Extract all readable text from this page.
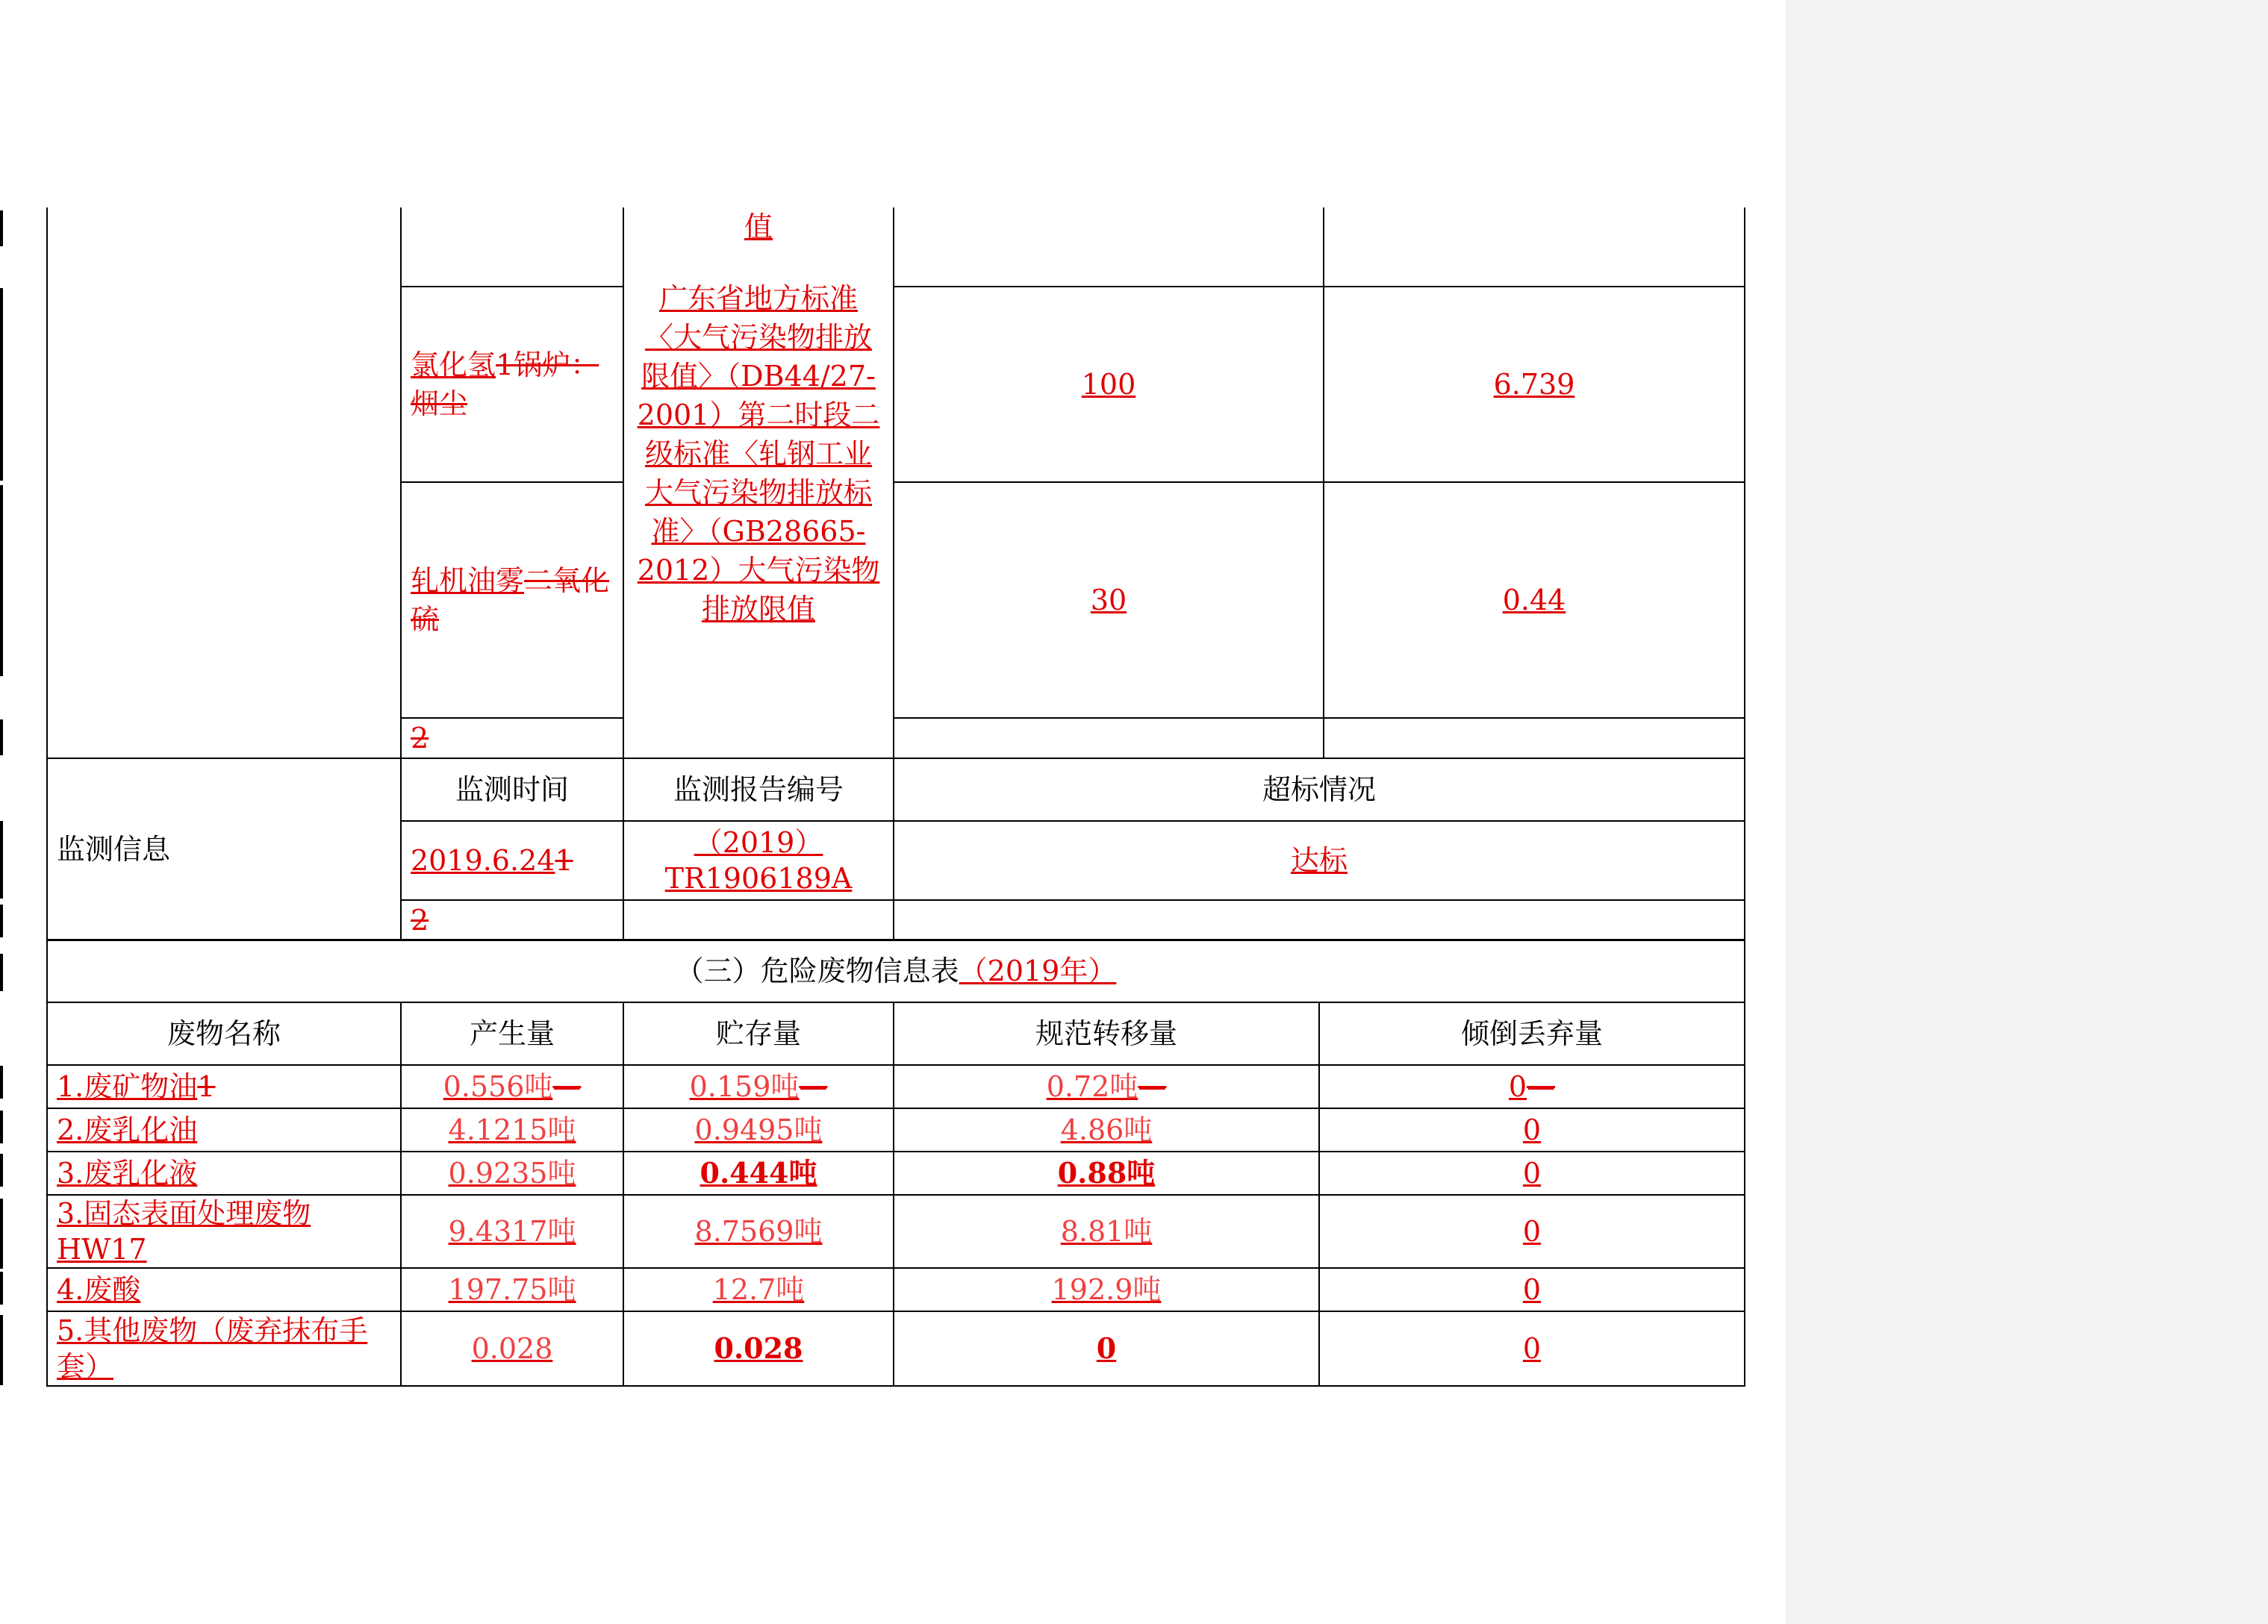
		值
广东省地方标准〈大气污染物排放限值〉（DB44/27-2001）第二时段二级标准〈轧钢工业大气污染物排放标准〉（GB28665-2012）大气污染物排放限值		

	氯化氢1锅炉：烟尘		100	6.739
	轧机油雾二氧化硫		30	0.44
	2			
监测信息	监测时间	监测报告编号	超标情况	
	2019.6.241	（2019）TR1906189A	达标	
	2			
（三）危险废物信息表（2019年）				
废物名称	产生量	贮存量	规范转移量	倾倒丢弃量
1.废矿物油1	0.556吨—	0.159吨—	0.72吨—	0—
2.废乳化油	4.1215吨	0.9495吨	4.86吨	0
3.废乳化液	0.9235吨	0.444吨	0.88吨	0
3.固态表面处理废物HW17	9.4317吨	8.7569吨	8.81吨	0
4.废酸	197.75吨	12.7吨	192.9吨	0
5.其他废物（废弃抹布手套）	0.028	0.028	0	0
